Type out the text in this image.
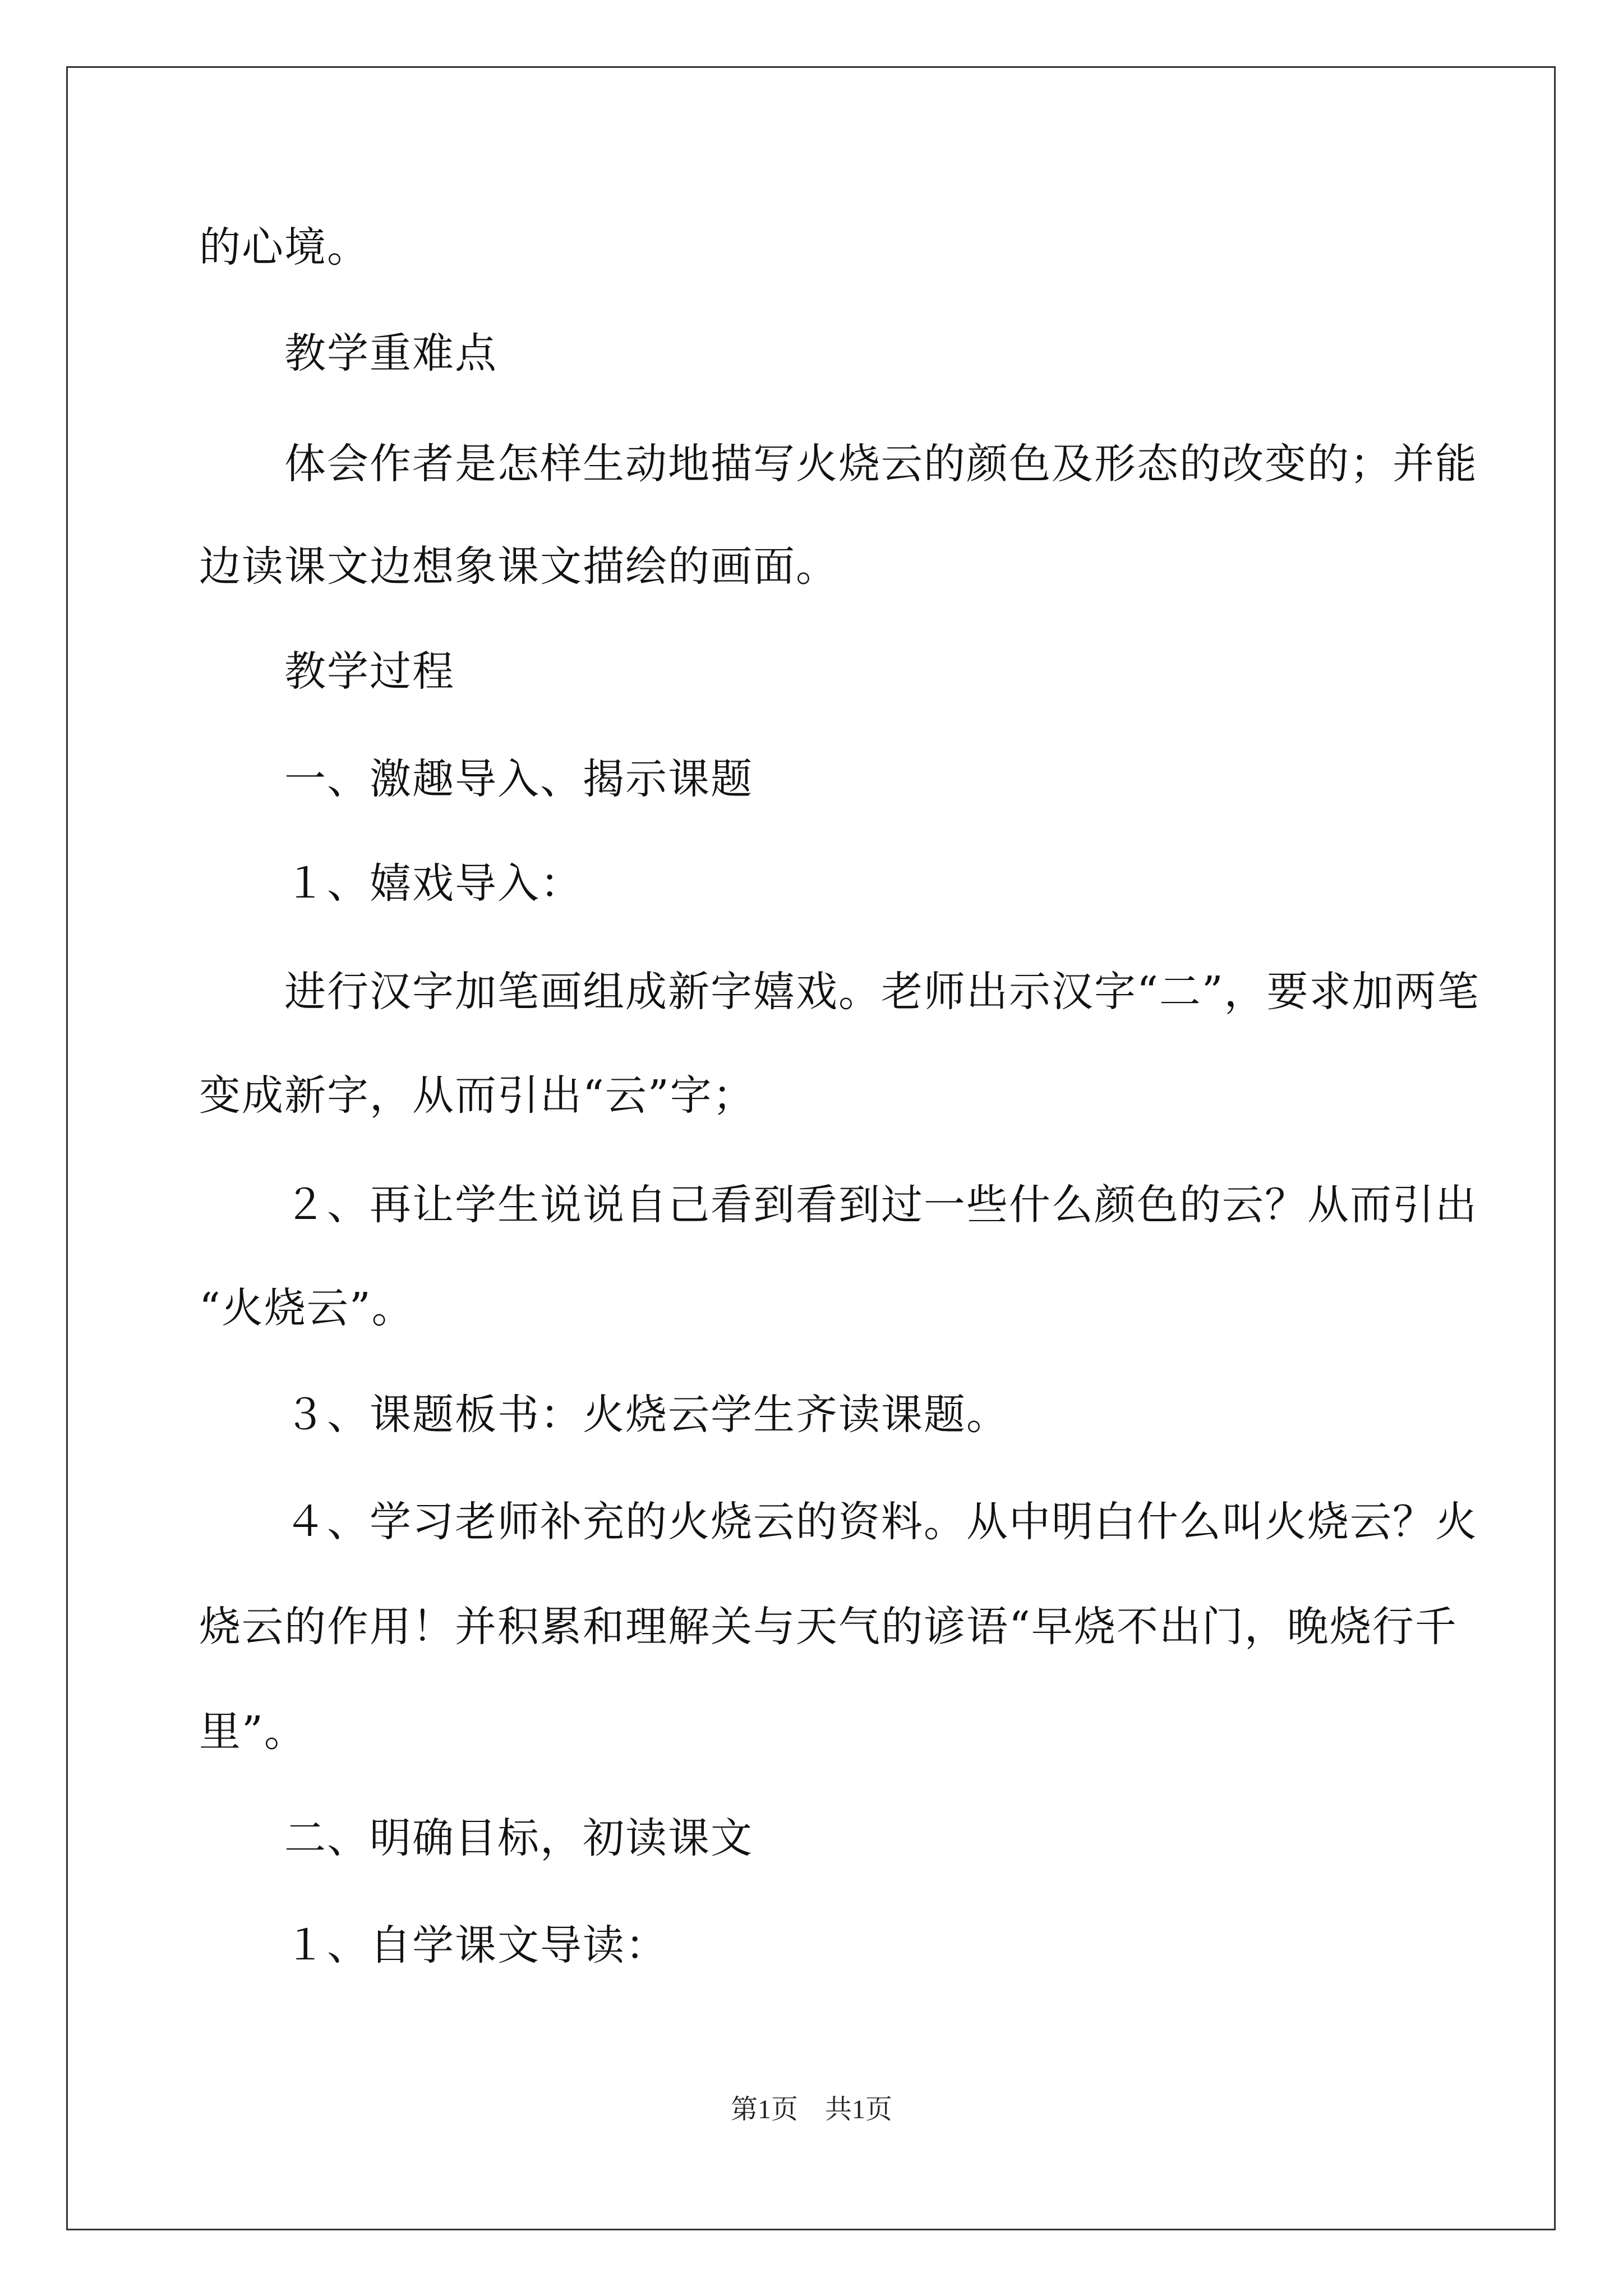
的心境。
　　教学重难点
　　体会作者是怎样生动地描写火烧云的颜色及形态的改变的；并能
边读课文边想象课文描绘的画面。
　　教学过程
　　一、激趣导入、揭示课题
　　１、嬉戏导入：
　　进行汉字加笔画组成新字嬉戏。老师出示汉字“二”，要求加两笔
变成新字，从而引出“云”字；
　　２、再让学生说说自己看到看到过一些什么颜色的云？从而引出
“火烧云”。
　　３、课题板书：火烧云学生齐读课题。
　　４、学习老师补充的火烧云的资料。从中明白什么叫火烧云？火
烧云的作用！并积累和理解关与天气的谚语“早烧不出门，晚烧行千
里”。
　　二、明确目标，初读课文
　　１、自学课文导读：
第1页　共1页
